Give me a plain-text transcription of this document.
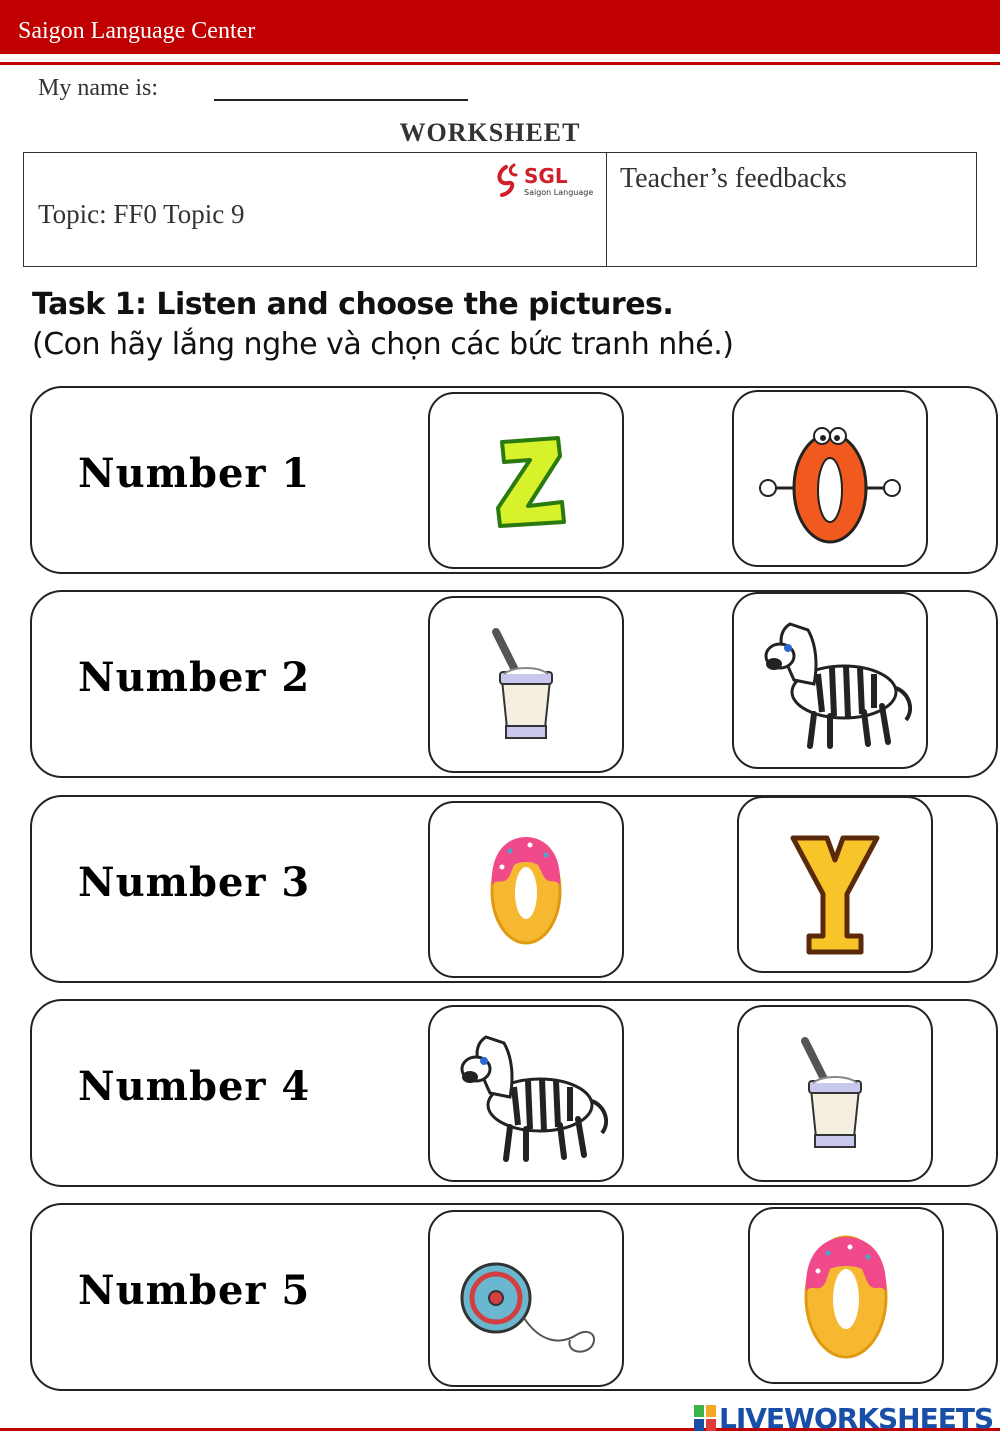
Saigon Language Center
My name is:
WORKSHEET
SGL
Saigon Language
Topic: FF0 Topic 9
Teacher’s feedbacks
Task 1: Listen and choose the pictures.
(Con hãy lắng nghe và chọn các bức tranh nhé.)
Number 1
Number 2
Number 3
Number 4
Number 5
LIVEWORKSHEETS
